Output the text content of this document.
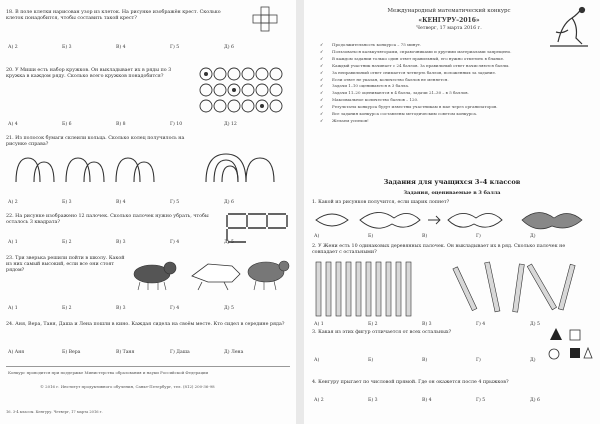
18. В поле клетки нарисован узор из клеток. На рисунке изображён крест. Сколько клеток понадобится, чтобы составить такой крест?
А) 2	Б) 3	В) 4	Г) 5	Д) 6
20. У Миши есть набор кружков. Он выкладывает их в ряды по 3 кружка в каждом ряду. Сколько всего кружков понадобится?
А) 4	Б) 6	В) 8	Г) 10	Д) 12
21. Из полосок бумаги склеили кольца. Сколько колец получилось на рисунке справа?
А) 2	Б) 3	В) 4	Г) 5	Д) 6
22. На рисунке изображено 12 палочек. Сколько палочек нужно убрать, чтобы осталось 3 квадрата?
А) 1	Б) 2	В) 3	Г) 4	Д) 5
23. Три зверька решили пойти в школу. Какой из них самый высокий, если все они стоят рядом?
А) 1	Б) 2	В) 3	Г) 4	Д) 5
24. Аня, Вера, Таня, Даша и Лена пошли в кино. Каждая сидела на своём месте. Кто сидел в середине ряда?
А) Аня	Б) Вера	В) Таня	Г) Даша	Д) Лена
Конкурс проводится при поддержке Министерства образования и науки Российской Федерации
© 2016 г. Институт продуктивного обучения, Санкт-Петербург, тел. (812) 200-36-98
16. 3-4 классы. Кенгуру. Четверг, 17 марта 2016 г.
Международный математический конкурс
«КЕНГУРУ–2016»
Четверг, 17 марта 2016 г.
✓	Продолжительность конкурса – 75 минут.
✓	Пользоваться калькуляторами, справочниками и другими материалами запрещено.
✓	В каждом задании только один ответ правильный, его нужно отметить в бланке.
✓	Каждый участник начинает с 24 баллов. За правильный ответ начисляются баллы.
✓	За неправильный ответ снимается четверть баллов, положенных за задание.
✓	Если ответ не указан, количество баллов не меняется.
✓	Задачи 1–10 оцениваются в 3 балла.
✓	Задачи 11–20 оцениваются в 4 балла, задачи 21–30 – в 5 баллов.
✓	Максимальное количество баллов – 120.
✓	Результаты конкурса будут известны участникам в мае через организаторов.
✓	Все задания конкурса составлены методическим советом конкурса.
✓	Желаем успехов!
Задания для учащихся 3–4 классов
Задания, оцениваемые в 3 балла
1. Какой из рисунков получится, если шарик лопнет?
А)	Б)	В)	Г)	Д)
2. У Жени есть 10 одинаковых деревянных палочек. Он выкладывает их в ряд. Сколько палочек не совпадает с остальными?
А) 1	Б) 2	В) 3	Г) 4	Д) 5
3. Какая из этих фигур отличается от всех остальных?
А)	Б)	В)	Г)	Д)
4. Кенгуру прыгает по числовой прямой. Где он окажется после 4 прыжков?
А) 2	Б) 3	В) 4	Г) 5	Д) 6
